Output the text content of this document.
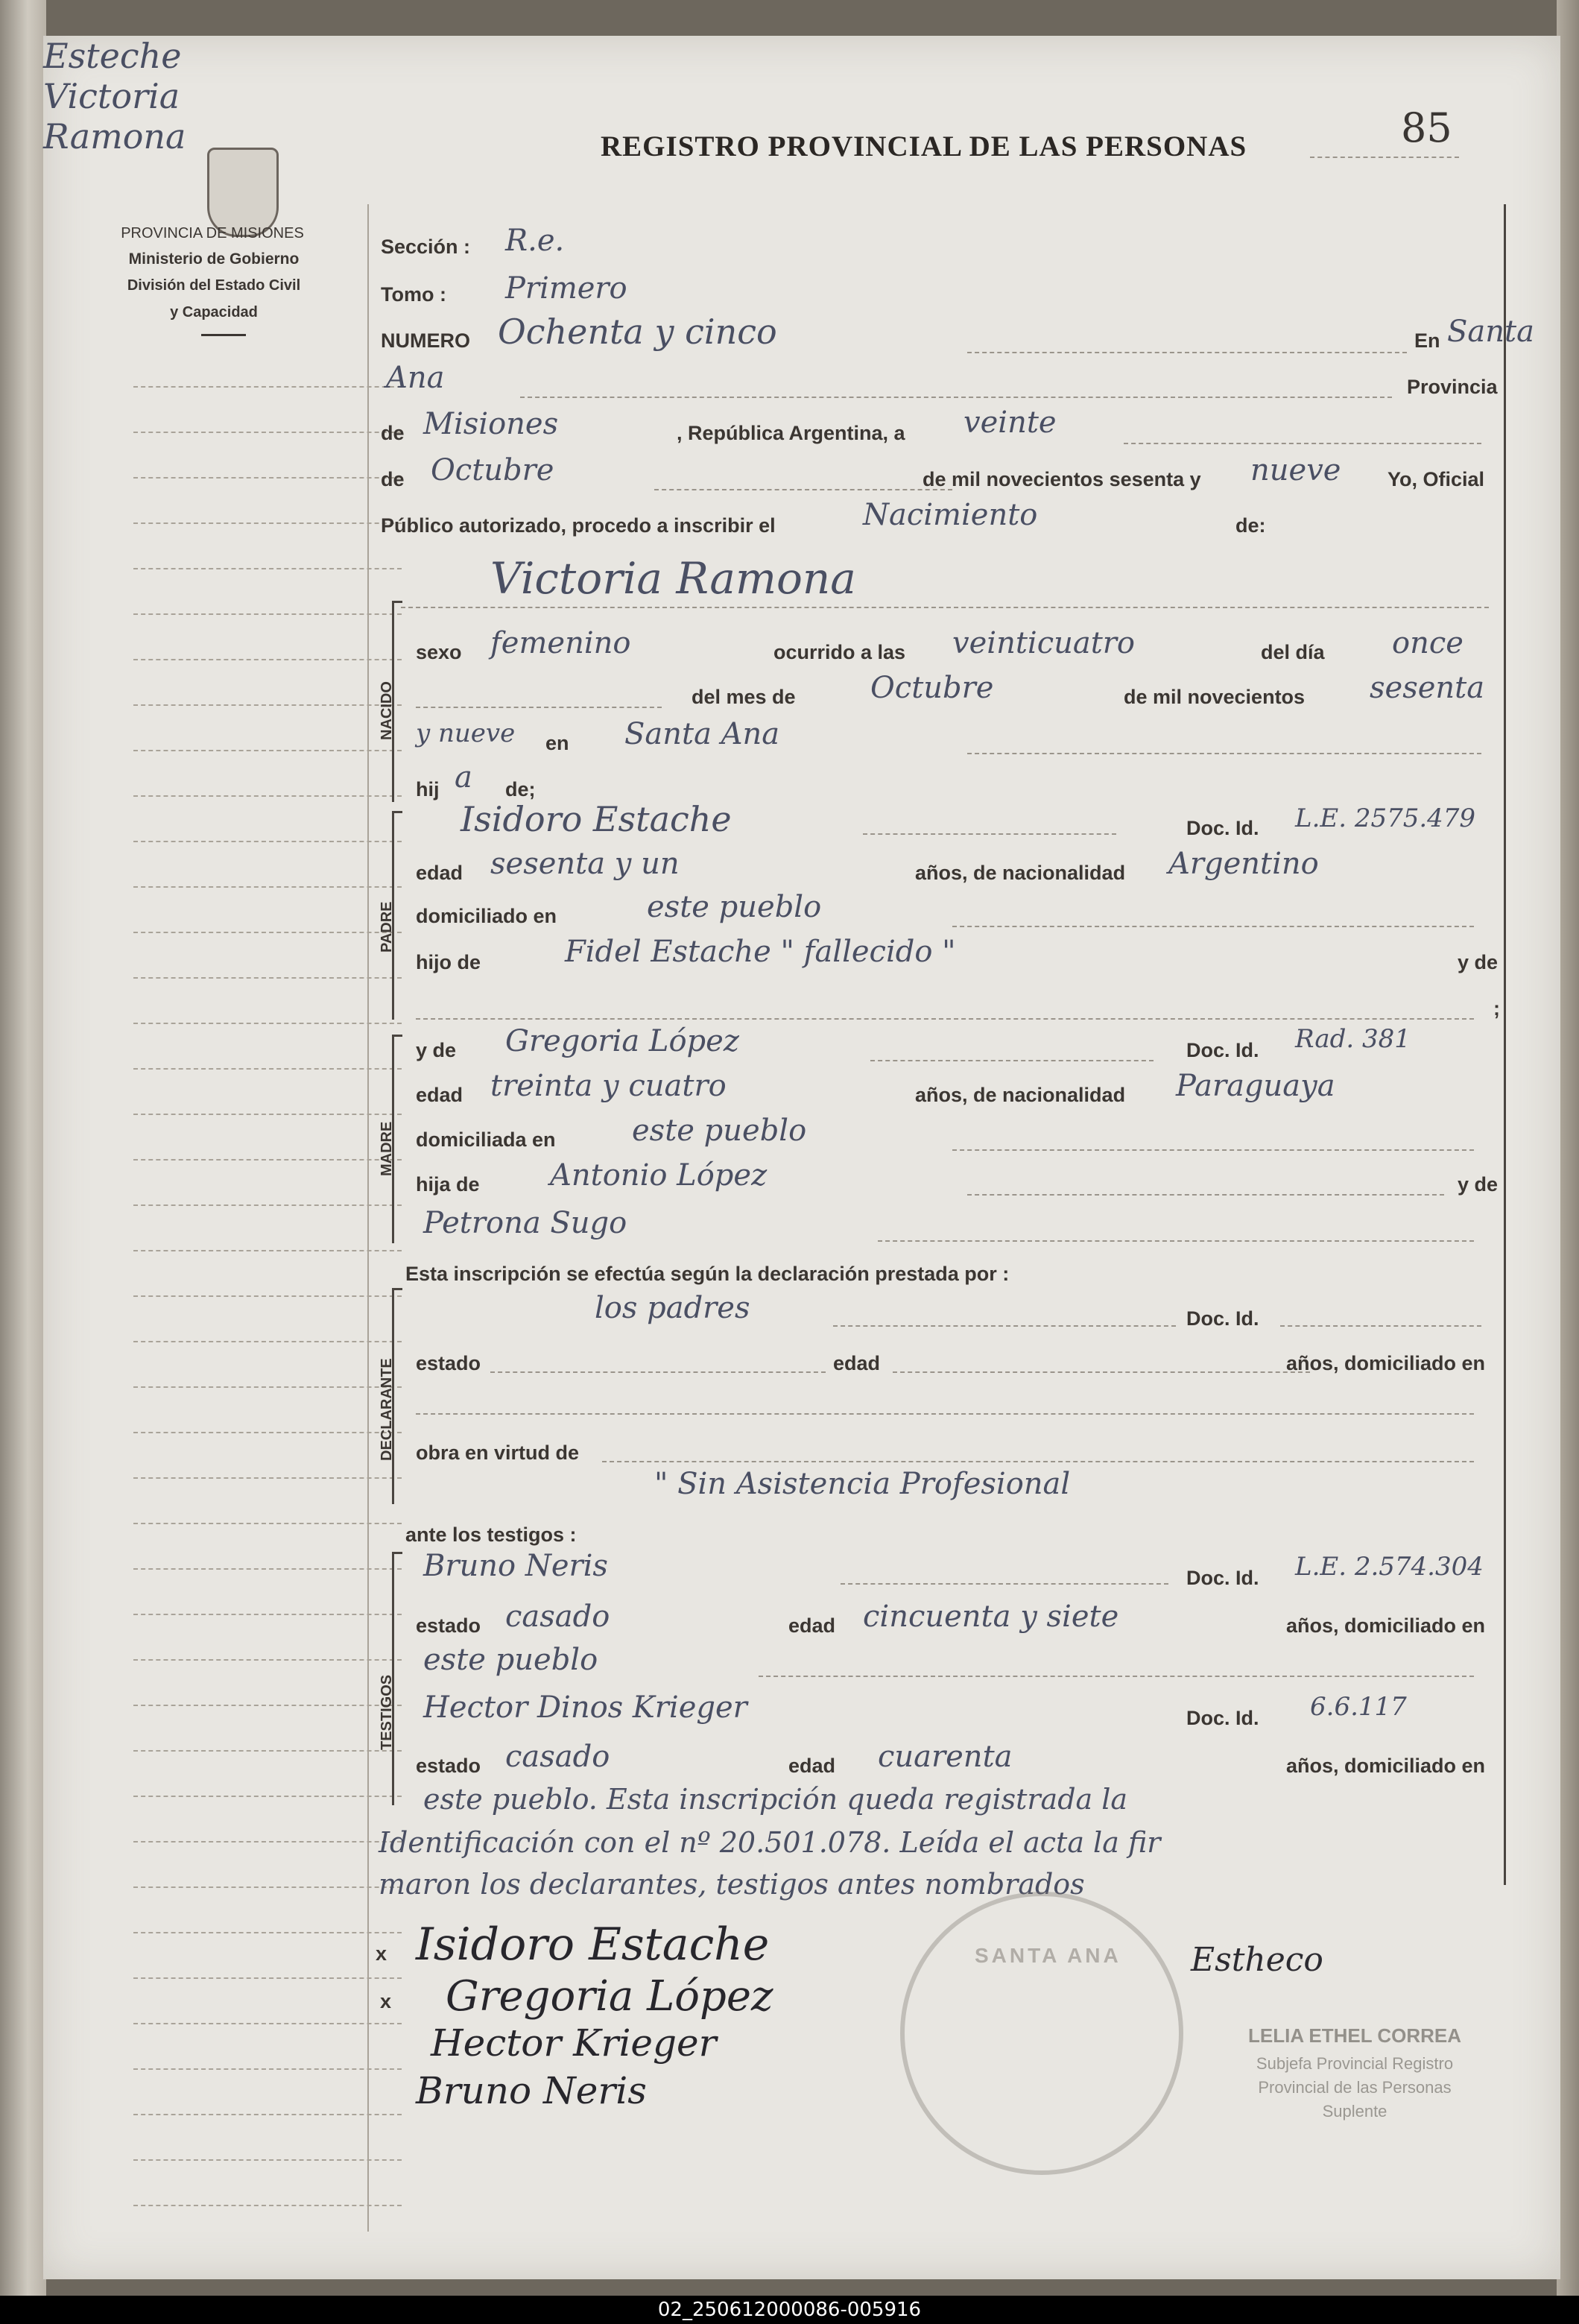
85
REGISTRO PROVINCIAL DE LAS PERSONAS
PROVINCIA DE MISIONES
Ministerio de Gobierno
División del Estado Civil
y Capacidad
Esteche
Victoria
Ramona
Sección : R.e.
Tomo : Primero
NUMERO Ochenta y cinco	En Santa
Ana	Provincia
de Misiones	, República Argentina, a veinte
de Octubre	de mil novecientos sesenta y nueve Yo, Oficial
Público autorizado, procedo a inscribir el	Nacimiento	de:
NACIDO
Victoria Ramona
sexo femenino	ocurrido a las veinticuatro	del día once
del mes de	Octubre	de mil novecientos sesenta
y nueve en Santa Ana
hij a de;
PADRE
Isidoro Estache	Doc. Id. L.E. 2575.479
edad sesenta y un	años, de nacionalidad Argentino
domiciliado en	este pueblo
hijo de	Fidel Estache " fallecido "	y de
;
MADRE
y de Gregoria López	Doc. Id. Rad. 381
edad treinta y cuatro	años, de nacionalidad Paraguaya
domiciliada en	este pueblo
hija de Antonio López	y de
Petrona Sugo
Esta inscripción se efectúa según la declaración prestada por :
DECLARANTE
los padres	Doc. Id.
estado	edad	años, domiciliado en
obra en virtud de
" Sin Asistencia Profesional
ante los testigos :
TESTIGOS
Bruno Neris	Doc. Id. L.E. 2.574.304
estado casado	edad cincuenta y siete	años, domiciliado en
este pueblo
Hector Dinos Krieger	Doc. Id. 6.6.117
estado casado	edad cuarenta	años, domiciliado en
este pueblo. Esta inscripción queda registrada la
Identificación con el nº 20.501.078. Leída el acta la fir
maron los declarantes, testigos antes nombrados
SANTA ANA
x
x
Isidoro Estache
Gregoria López
Hector Krieger
Bruno Neris
Estheco
LELIA ETHEL CORREA
Subjefa Provincial Registro
Provincial de las Personas
Suplente
02_250612000086-005916
